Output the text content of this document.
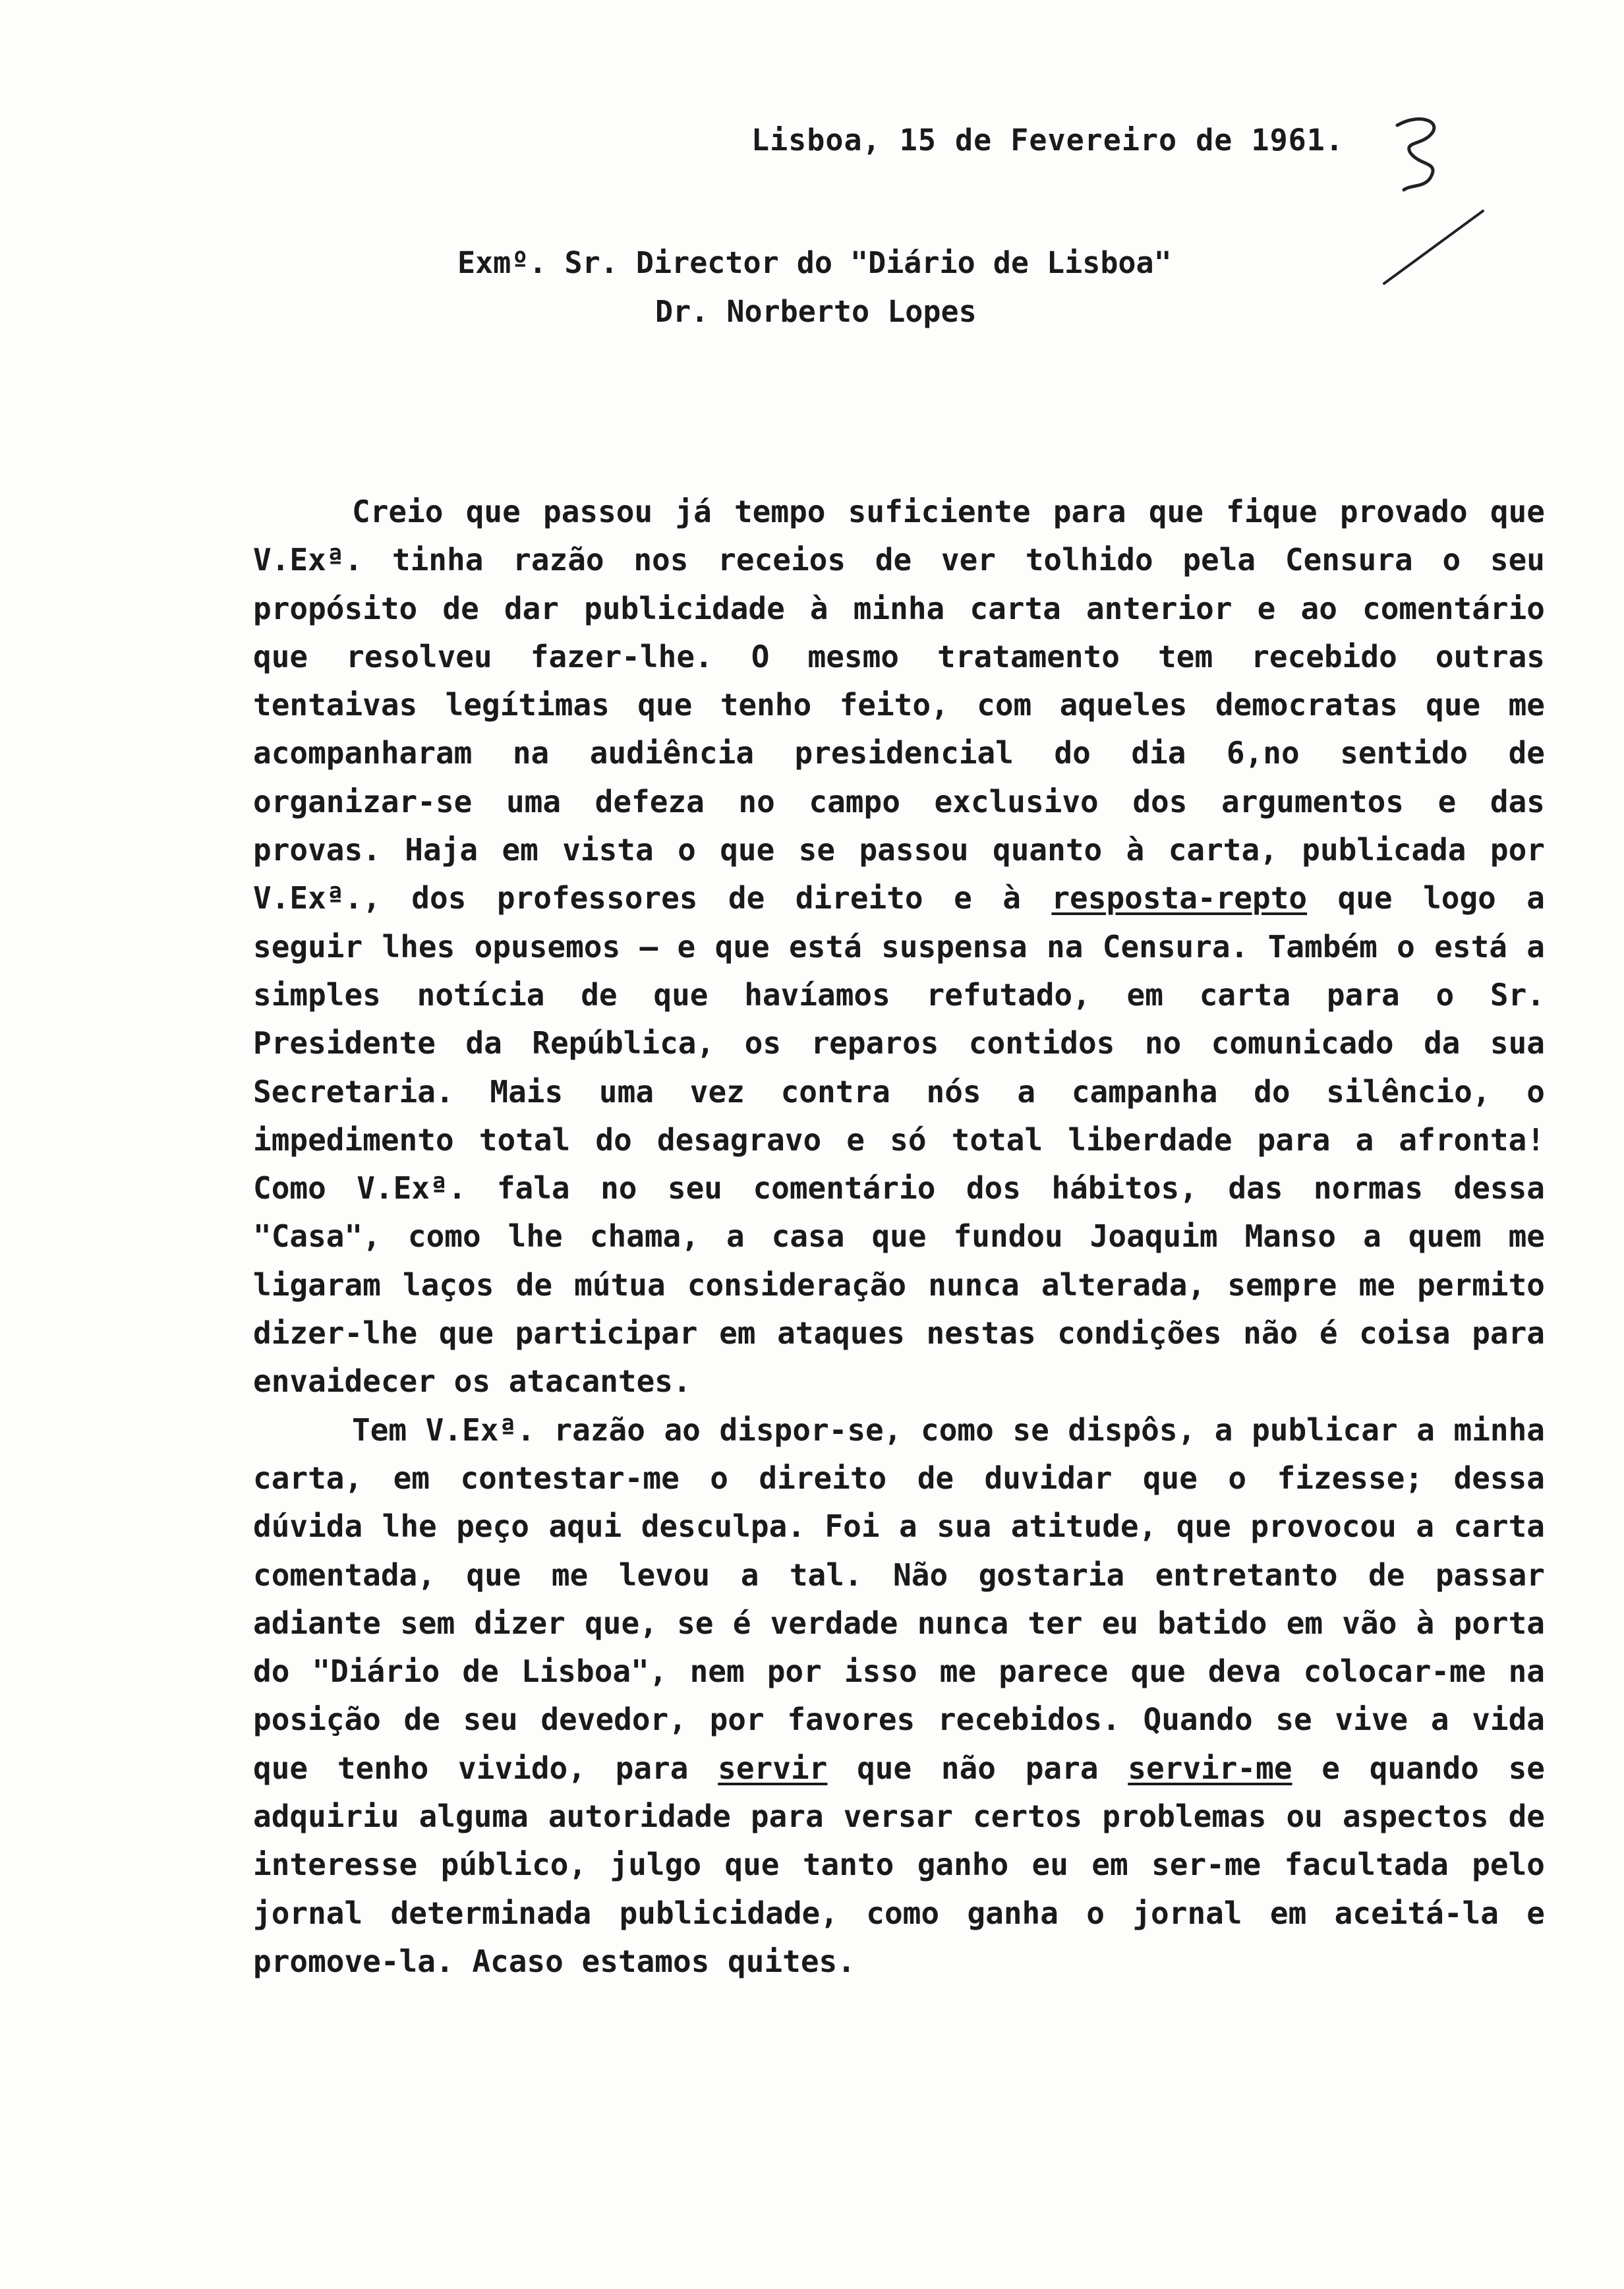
Lisboa, 15 de Fevereiro de 1961.
Exmº. Sr. Director do "Diário de Lisboa"
Dr. Norberto Lopes

Creio que passou já tempo suficiente para que fique provado que V.Exª. tinha razão nos receios de ver tolhido pela Censura o seu propósito de dar publicidade à minha carta anterior e ao comentário que resolveu fazer-lhe. O mesmo tratamento tem recebido outras tentaivas legítimas que tenho feito, com aqueles democratas que me acompanharam na audiência presidencial do dia 6,no sentido de organizar-se uma defeza no campo exclusivo dos argumentos e das provas. Haja em vista o que se passou quanto à carta, publicada por V.Exª., dos professores de direito e à resposta-repto que logo a seguir lhes opusemos — e que está suspensa na Censura. Também o está a simples notícia de que havíamos refutado, em carta para o Sr. Presidente da República, os reparos contidos no comunicado da sua Secretaria. Mais uma vez contra nós a campanha do silêncio, o impedimento total do desagravo e só total liberdade para a afronta! Como V.Exª. fala no seu comentário dos hábitos, das normas dessa "Casa", como lhe chama, a casa que fundou Joaquim Manso a quem me ligaram laços de mútua consideração nunca alterada, sempre me permito dizer-lhe que participar em ataques nestas condições não é coisa para envaidecer os atacantes.

Tem V.Exª. razão ao dispor-se, como se dispôs, a publicar a minha carta, em contestar-me o direito de duvidar que o fizesse; dessa dúvida lhe peço aqui desculpa. Foi a sua atitude, que provocou a carta comentada, que me levou a tal. Não gostaria entretanto de passar adiante sem dizer que, se é verdade nunca ter eu batido em vão à porta do "Diário de Lisboa", nem por isso me parece que deva colocar-me na posição de seu devedor, por favores recebidos. Quando se vive a vida que tenho vivido, para servir que não para servir-me e quando se adquiriu alguma autoridade para versar certos problemas ou aspectos de interesse público, julgo que tanto ganho eu em ser-me facultada pelo jornal determinada publicidade, como ganha o jornal em aceitá-la e promove-la. Acaso estamos quites.
